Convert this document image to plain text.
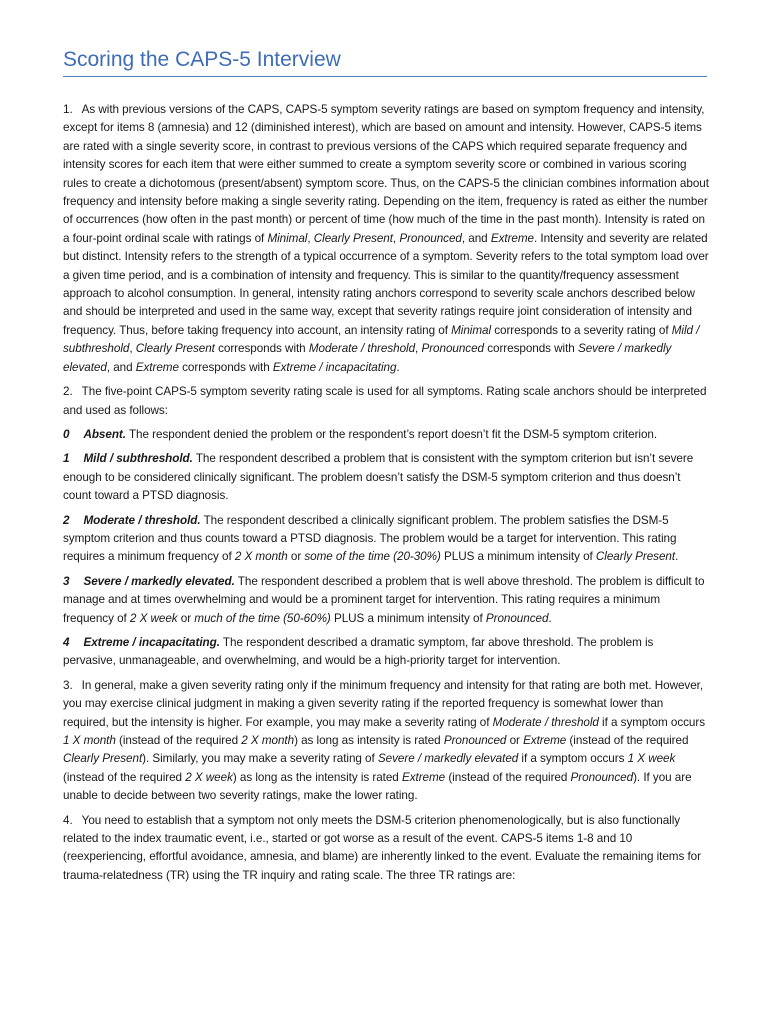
Scoring the CAPS-5 Interview

1. As with previous versions of the CAPS, CAPS-5 symptom severity ratings are based on symptom frequency and intensity, except for items 8 (amnesia) and 12 (diminished interest), which are based on amount and intensity. However, CAPS-5 items are rated with a single severity score, in contrast to previous versions of the CAPS which required separate frequency and intensity scores for each item that were either summed to create a symptom severity score or combined in various scoring rules to create a dichotomous (present/absent) symptom score. Thus, on the CAPS-5 the clinician combines information about frequency and intensity before making a single severity rating. Depending on the item, frequency is rated as either the number of occurrences (how often in the past month) or percent of time (how much of the time in the past month). Intensity is rated on a four-point ordinal scale with ratings of Minimal, Clearly Present, Pronounced, and Extreme. Intensity and severity are related but distinct. Intensity refers to the strength of a typical occurrence of a symptom. Severity refers to the total symptom load over a given time period, and is a combination of intensity and frequency. This is similar to the quantity/frequency assessment approach to alcohol consumption. In general, intensity rating anchors correspond to severity scale anchors described below and should be interpreted and used in the same way, except that severity ratings require joint consideration of intensity and frequency. Thus, before taking frequency into account, an intensity rating of Minimal corresponds to a severity rating of Mild / subthreshold, Clearly Present corresponds with Moderate / threshold, Pronounced corresponds with Severe / markedly elevated, and Extreme corresponds with Extreme / incapacitating.

2. The five-point CAPS-5 symptom severity rating scale is used for all symptoms. Rating scale anchors should be interpreted and used as follows:

0 Absent. The respondent denied the problem or the respondent’s report doesn’t fit the DSM-5 symptom criterion.

1 Mild / subthreshold. The respondent described a problem that is consistent with the symptom criterion but isn’t severe enough to be considered clinically significant. The problem doesn’t satisfy the DSM-5 symptom criterion and thus doesn’t count toward a PTSD diagnosis.

2 Moderate / threshold. The respondent described a clinically significant problem. The problem satisfies the DSM-5 symptom criterion and thus counts toward a PTSD diagnosis. The problem would be a target for intervention. This rating requires a minimum frequency of 2 X month or some of the time (20-30%) PLUS a minimum intensity of Clearly Present.

3 Severe / markedly elevated. The respondent described a problem that is well above threshold. The problem is difficult to manage and at times overwhelming and would be a prominent target for intervention. This rating requires a minimum frequency of 2 X week or much of the time (50-60%) PLUS a minimum intensity of Pronounced.

4 Extreme / incapacitating. The respondent described a dramatic symptom, far above threshold. The problem is pervasive, unmanageable, and overwhelming, and would be a high-priority target for intervention.

3. In general, make a given severity rating only if the minimum frequency and intensity for that rating are both met. However, you may exercise clinical judgment in making a given severity rating if the reported frequency is somewhat lower than required, but the intensity is higher. For example, you may make a severity rating of Moderate / threshold if a symptom occurs 1 X month (instead of the required 2 X month) as long as intensity is rated Pronounced or Extreme (instead of the required Clearly Present). Similarly, you may make a severity rating of Severe / markedly elevated if a symptom occurs 1 X week (instead of the required 2 X week) as long as the intensity is rated Extreme (instead of the required Pronounced). If you are unable to decide between two severity ratings, make the lower rating.

4. You need to establish that a symptom not only meets the DSM-5 criterion phenomenologically, but is also functionally related to the index traumatic event, i.e., started or got worse as a result of the event. CAPS-5 items 1-8 and 10 (reexperiencing, effortful avoidance, amnesia, and blame) are inherently linked to the event. Evaluate the remaining items for trauma-relatedness (TR) using the TR inquiry and rating scale. The three TR ratings are:
